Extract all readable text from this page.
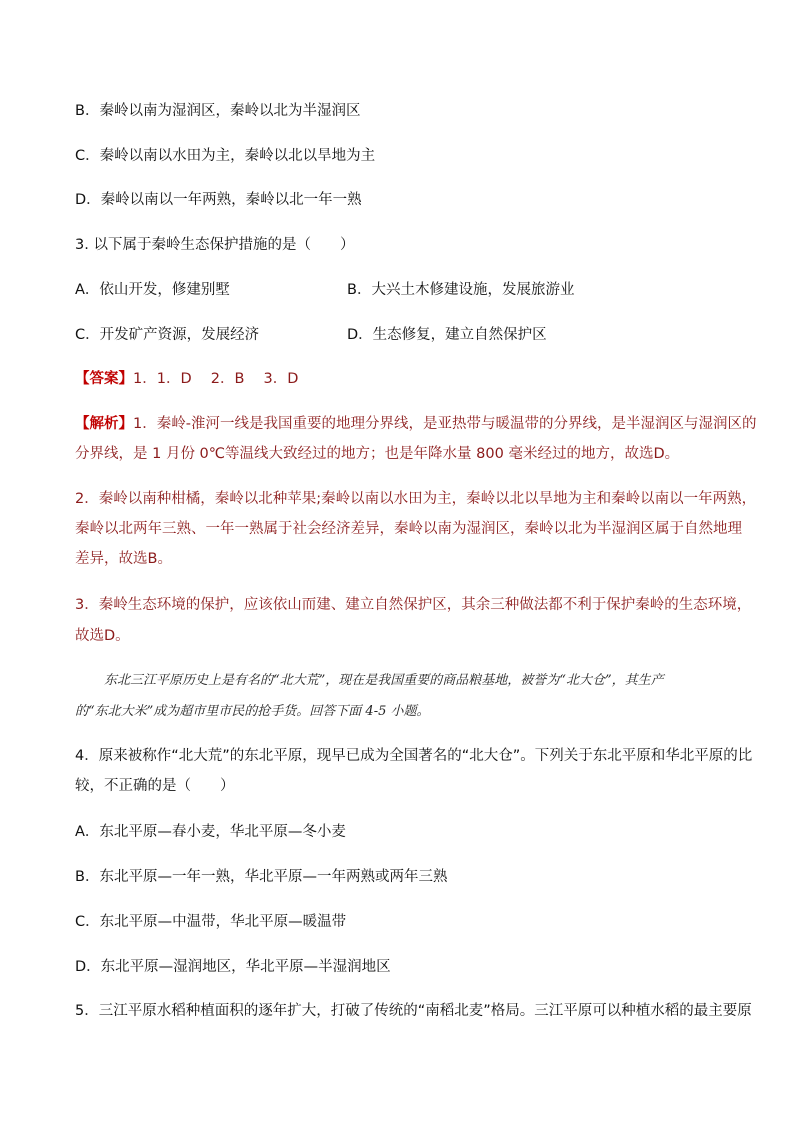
B．秦岭以南为湿润区，秦岭以北为半湿润区
C．秦岭以南以水田为主，秦岭以北以旱地为主
D．秦岭以南以一年两熟，秦岭以北一年一熟
3. 以下属于秦岭生态保护措施的是（　　）
A．依山开发，修建别墅	B．大兴土木修建设施，发展旅游业
C．开发矿产资源，发展经济	D．生态修复，建立自然保护区
【答案】1．1．D　 2．B　 3．D
【解析】1．秦岭-淮河一线是我国重要的地理分界线，是亚热带与暖温带的分界线，是半湿润区与湿润区的
分界线，是 1 月份 0℃等温线大致经过的地方；也是年降水量 800 毫米经过的地方，故选D。
2．秦岭以南种柑橘，秦岭以北种苹果;秦岭以南以水田为主，秦岭以北以旱地为主和秦岭以南以一年两熟，
秦岭以北两年三熟、一年一熟属于社会经济差异，秦岭以南为湿润区，秦岭以北为半湿润区属于自然地理
差异，故选B。
3．秦岭生态环境的保护，应该依山而建、建立自然保护区，其余三种做法都不利于保护秦岭的生态环境，
故选D。
东北三江平原历史上是有名的“北大荒”，现在是我国重要的商品粮基地，被誉为“北大仓”，其生产
的“东北大米”成为超市里市民的抢手货。回答下面 4-5 小题。
4．原来被称作“北大荒”的东北平原，现早已成为全国著名的“北大仓”。下列关于东北平原和华北平原的比
较，不正确的是（　　）
A．东北平原—春小麦，华北平原—冬小麦
B．东北平原—一年一熟，华北平原—一年两熟或两年三熟
C．东北平原—中温带，华北平原—暖温带
D．东北平原—湿润地区，华北平原—半湿润地区
5．三江平原水稻种植面积的逐年扩大，打破了传统的“南稻北麦”格局。三江平原可以种植水稻的最主要原
